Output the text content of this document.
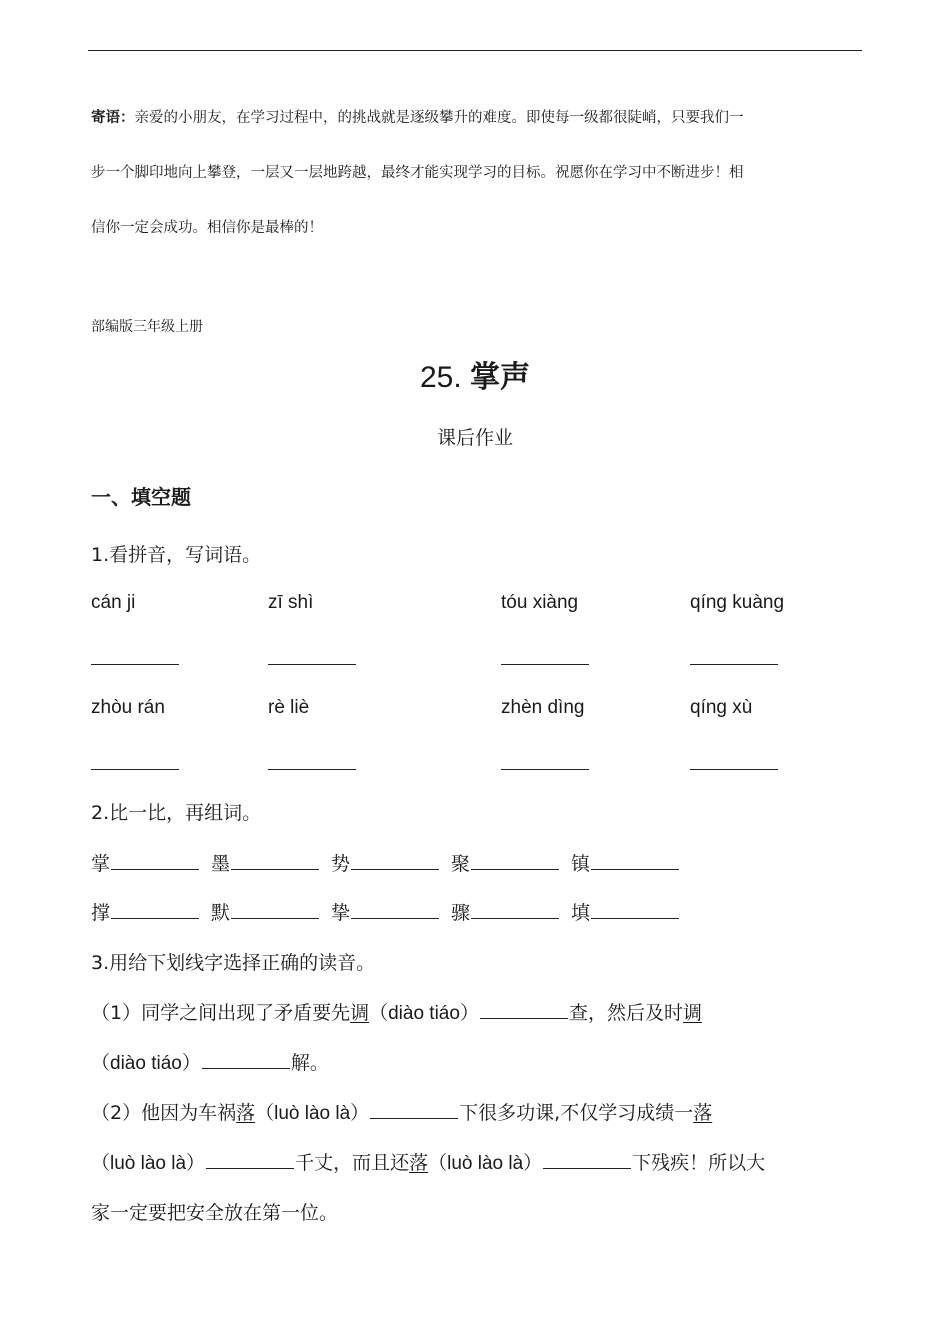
寄语：亲爱的小朋友，在学习过程中，的挑战就是逐级攀升的难度。即使每一级都很陡峭，只要我们一
步一个脚印地向上攀登，一层又一层地跨越，最终才能实现学习的目标。祝愿你在学习中不断进步！相
信你一定会成功。相信你是最棒的！
部编版三年级上册
25. 掌声
课后作业
一、填空题
1.看拼音，写词语。
cán ji	zī shì	tóu xiàng	qíng kuàng
zhòu rán	rè liè	zhèn dìng	qíng xù
2.比一比，再组词。
掌	墨	势	聚	镇
撑	默	挚	骤	填
3.用给下划线字选择正确的读音。
（1）同学之间出现了矛盾要先调（diào tiáo）	查，然后及时调
（diào tiáo）	解。
（2）他因为车祸落（luò lào là）	下很多功课,不仅学习成绩一落
（luò lào là）	千丈，而且还落（luò lào là）	下残疾！所以大
家一定要把安全放在第一位。
